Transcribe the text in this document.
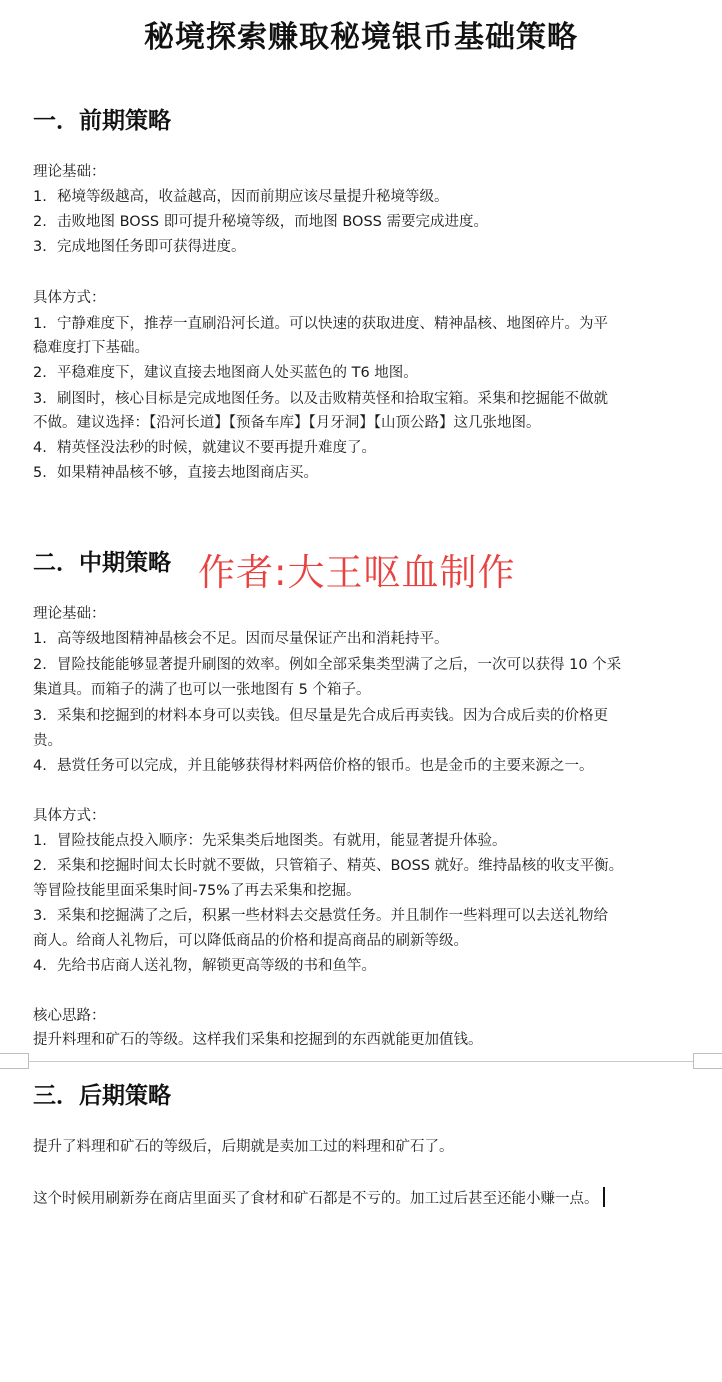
秘境探索赚取秘境银币基础策略
一．前期策略
理论基础：
1. 秘境等级越高，收益越高，因而前期应该尽量提升秘境等级。
2. 击败地图 BOSS 即可提升秘境等级，而地图 BOSS 需要完成进度。
3. 完成地图任务即可获得进度。
具体方式：
1. 宁静难度下，推荐一直刷沿河长道。可以快速的获取进度、精神晶核、地图碎片。为平
稳难度打下基础。
2. 平稳难度下，建议直接去地图商人处买蓝色的 T6 地图。
3. 刷图时，核心目标是完成地图任务。以及击败精英怪和拾取宝箱。采集和挖掘能不做就
不做。建议选择：【沿河长道】【预备车库】【月牙洞】【山顶公路】这几张地图。
4. 精英怪没法秒的时候，就建议不要再提升难度了。
5. 如果精神晶核不够，直接去地图商店买。
二．中期策略 作者:大王呕血制作
理论基础：
1. 高等级地图精神晶核会不足。因而尽量保证产出和消耗持平。
2. 冒险技能能够显著提升刷图的效率。例如全部采集类型满了之后，一次可以获得 10 个采
集道具。而箱子的满了也可以一张地图有 5 个箱子。
3. 采集和挖掘到的材料本身可以卖钱。但尽量是先合成后再卖钱。因为合成后卖的价格更
贵。
4. 悬赏任务可以完成，并且能够获得材料两倍价格的银币。也是金币的主要来源之一。
具体方式：
1. 冒险技能点投入顺序：先采集类后地图类。有就用，能显著提升体验。
2. 采集和挖掘时间太长时就不要做，只管箱子、精英、BOSS 就好。维持晶核的收支平衡。
等冒险技能里面采集时间-75%了再去采集和挖掘。
3. 采集和挖掘满了之后，积累一些材料去交悬赏任务。并且制作一些料理可以去送礼物给
商人。给商人礼物后，可以降低商品的价格和提高商品的刷新等级。
4. 先给书店商人送礼物，解锁更高等级的书和鱼竿。
核心思路：
提升料理和矿石的等级。这样我们采集和挖掘到的东西就能更加值钱。
三．后期策略
提升了料理和矿石的等级后，后期就是卖加工过的料理和矿石了。
这个时候用刷新券在商店里面买了食材和矿石都是不亏的。加工过后甚至还能小赚一点。
